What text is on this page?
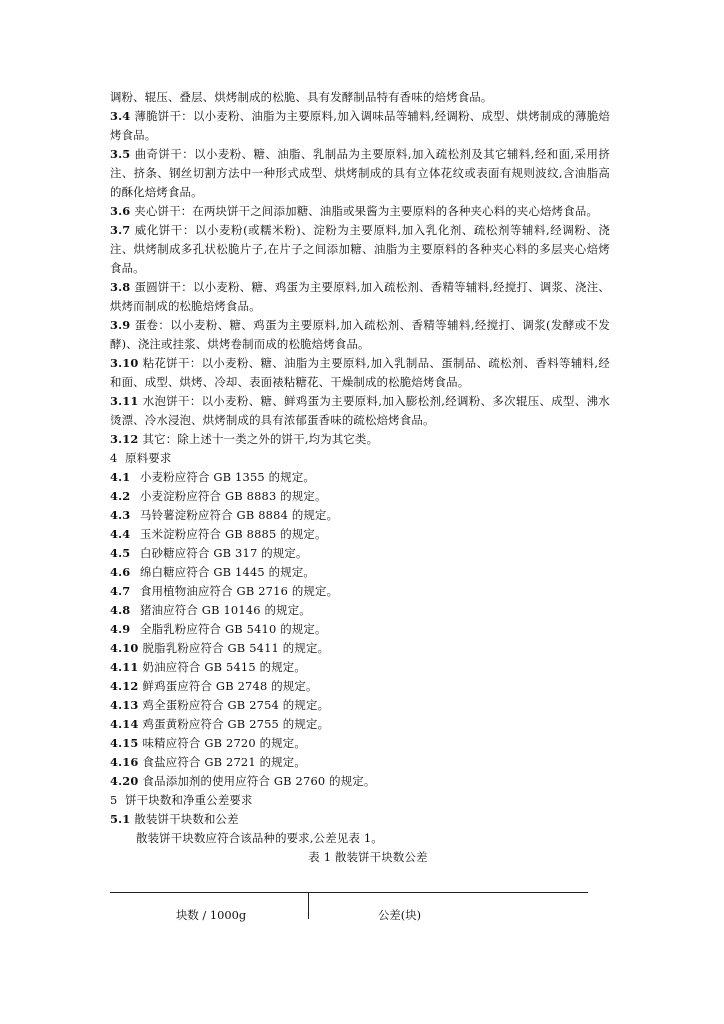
调粉、辊压、叠层、烘烤制成的松脆、具有发酵制品特有香味的焙烤食品。

3.4 薄脆饼干：以小麦粉、油脂为主要原料,加入调味品等辅料,经调粉、成型、烘烤制成的薄脆焙烤食品。

3.5 曲奇饼干：以小麦粉、糖、油脂、乳制品为主要原料,加入疏松剂及其它辅料,经和面,采用挤注、挤条、钢丝切割方法中一种形式成型、烘烤制成的具有立体花纹或表面有规则波纹,含油脂高的酥化焙烤食品。

3.6 夹心饼干：在两块饼干之间添加糖、油脂或果酱为主要原料的各种夹心料的夹心焙烤食品。

3.7 威化饼干：以小麦粉(或糯米粉)、淀粉为主要原料,加入乳化剂、疏松剂等辅料,经调粉、浇注、烘烤制成多孔状松脆片子,在片子之间添加糖、油脂为主要原料的各种夹心料的多层夹心焙烤食品。

3.8 蛋圆饼干：以小麦粉、糖、鸡蛋为主要原料,加入疏松剂、香精等辅料,经搅打、调浆、浇注、烘烤而制成的松脆焙烤食品。

3.9 蛋卷：以小麦粉、糖、鸡蛋为主要原料,加入疏松剂、香精等辅料,经搅打、调浆(发酵或不发酵)、浇注或挂浆、烘烤卷制而成的松脆焙烤食品。

3.10 粘花饼干：以小麦粉、糖、油脂为主要原料,加入乳制品、蛋制品、疏松剂、香料等辅料,经和面、成型、烘烤、冷却、表面裱粘糖花、干燥制成的松脆焙烤食品。

3.11 水泡饼干：以小麦粉、糖、鲜鸡蛋为主要原料,加入膨松剂,经调粉、多次辊压、成型、沸水烫漂、冷水浸泡、烘烤制成的具有浓郁蛋香味的疏松焙烤食品。

3.12 其它：除上述十一类之外的饼干,均为其它类。

4 原料要求

4.1 小麦粉应符合 GB 1355 的规定。

4.2 小麦淀粉应符合 GB 8883 的规定。

4.3 马铃薯淀粉应符合 GB 8884 的规定。

4.4 玉米淀粉应符合 GB 8885 的规定。

4.5 白砂糖应符合 GB 317 的规定。

4.6 绵白糖应符合 GB 1445 的规定。

4.7 食用植物油应符合 GB 2716 的规定。

4.8 猪油应符合 GB 10146 的规定。

4.9 全脂乳粉应符合 GB 5410 的规定。

4.10 脱脂乳粉应符合 GB 5411 的规定。

4.11 奶油应符合 GB 5415 的规定。

4.12 鲜鸡蛋应符合 GB 2748 的规定。

4.13 鸡全蛋粉应符合 GB 2754 的规定。

4.14 鸡蛋黄粉应符合 GB 2755 的规定。

4.15 味精应符合 GB 2720 的规定。

4.16 食盐应符合 GB 2721 的规定。

4.20 食品添加剂的使用应符合 GB 2760 的规定。

5 饼干块数和净重公差要求

5.1 散装饼干块数和公差

散装饼干块数应符合该品种的要求,公差见表 1。

表 1 散装饼干块数公差

块数 / 1000g	公差(块)
